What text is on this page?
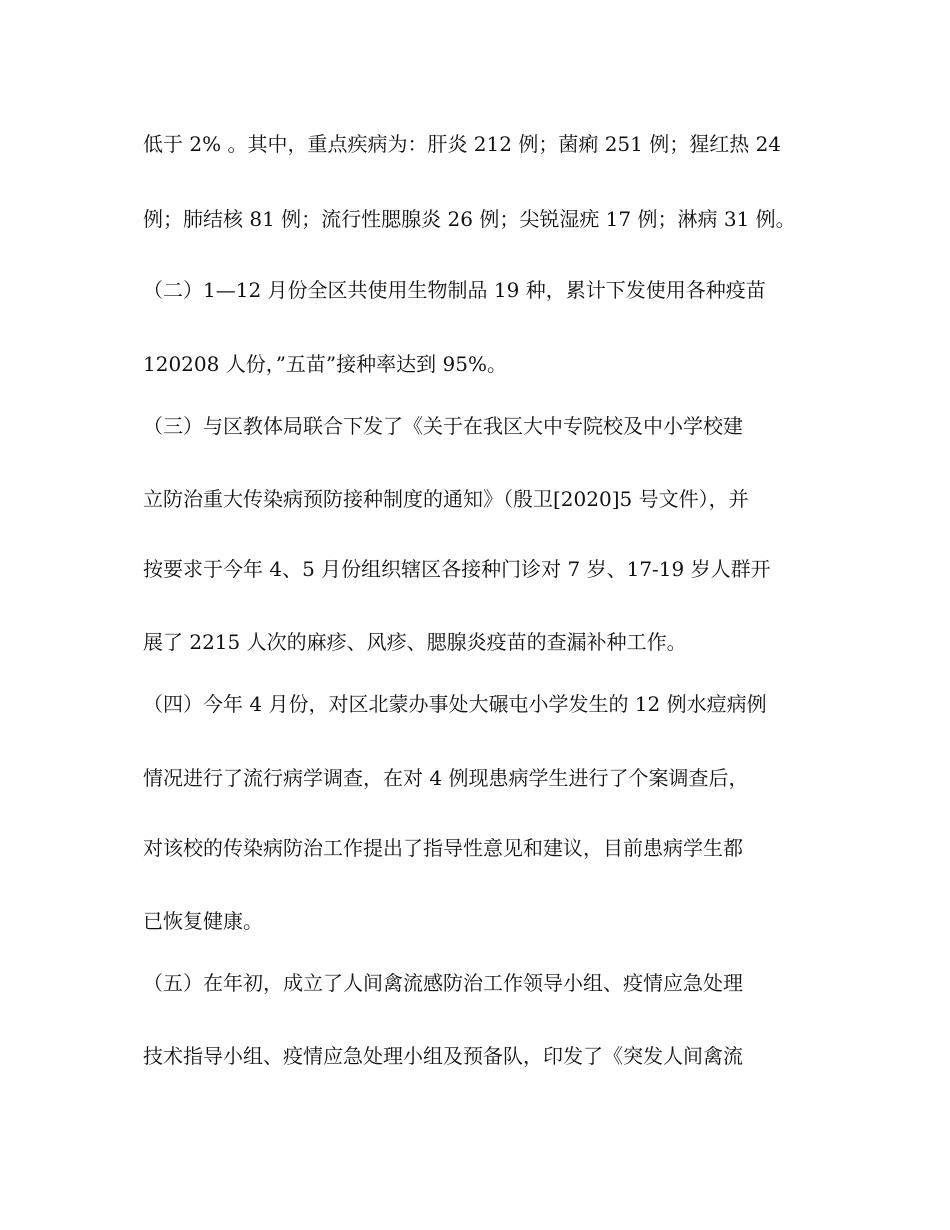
低于 2% 。其中，重点疾病为：肝炎 212 例；菌痢 251 例；猩红热 24
例；肺结核 81 例；流行性腮腺炎 26 例；尖锐湿疣 17 例；淋病 31 例。
（二）1—12 月份全区共使用生物制品 19 种，累计下发使用各种疫苗
120208 人份，”五苗”接种率达到 95%。
（三）与区教体局联合下发了《关于在我区大中专院校及中小学校建
立防治重大传染病预防接种制度的通知》（殷卫[2020]5 号文件），并
按要求于今年 4、5 月份组织辖区各接种门诊对 7 岁、17-19 岁人群开
展了 2215 人次的麻疹、风疹、腮腺炎疫苗的查漏补种工作。
（四）今年 4 月份，对区北蒙办事处大碾屯小学发生的 12 例水痘病例
情况进行了流行病学调查，在对 4 例现患病学生进行了个案调查后，
对该校的传染病防治工作提出了指导性意见和建议，目前患病学生都
已恢复健康。
（五）在年初，成立了人间禽流感防治工作领导小组、疫情应急处理
技术指导小组、疫情应急处理小组及预备队，印发了《突发人间禽流
